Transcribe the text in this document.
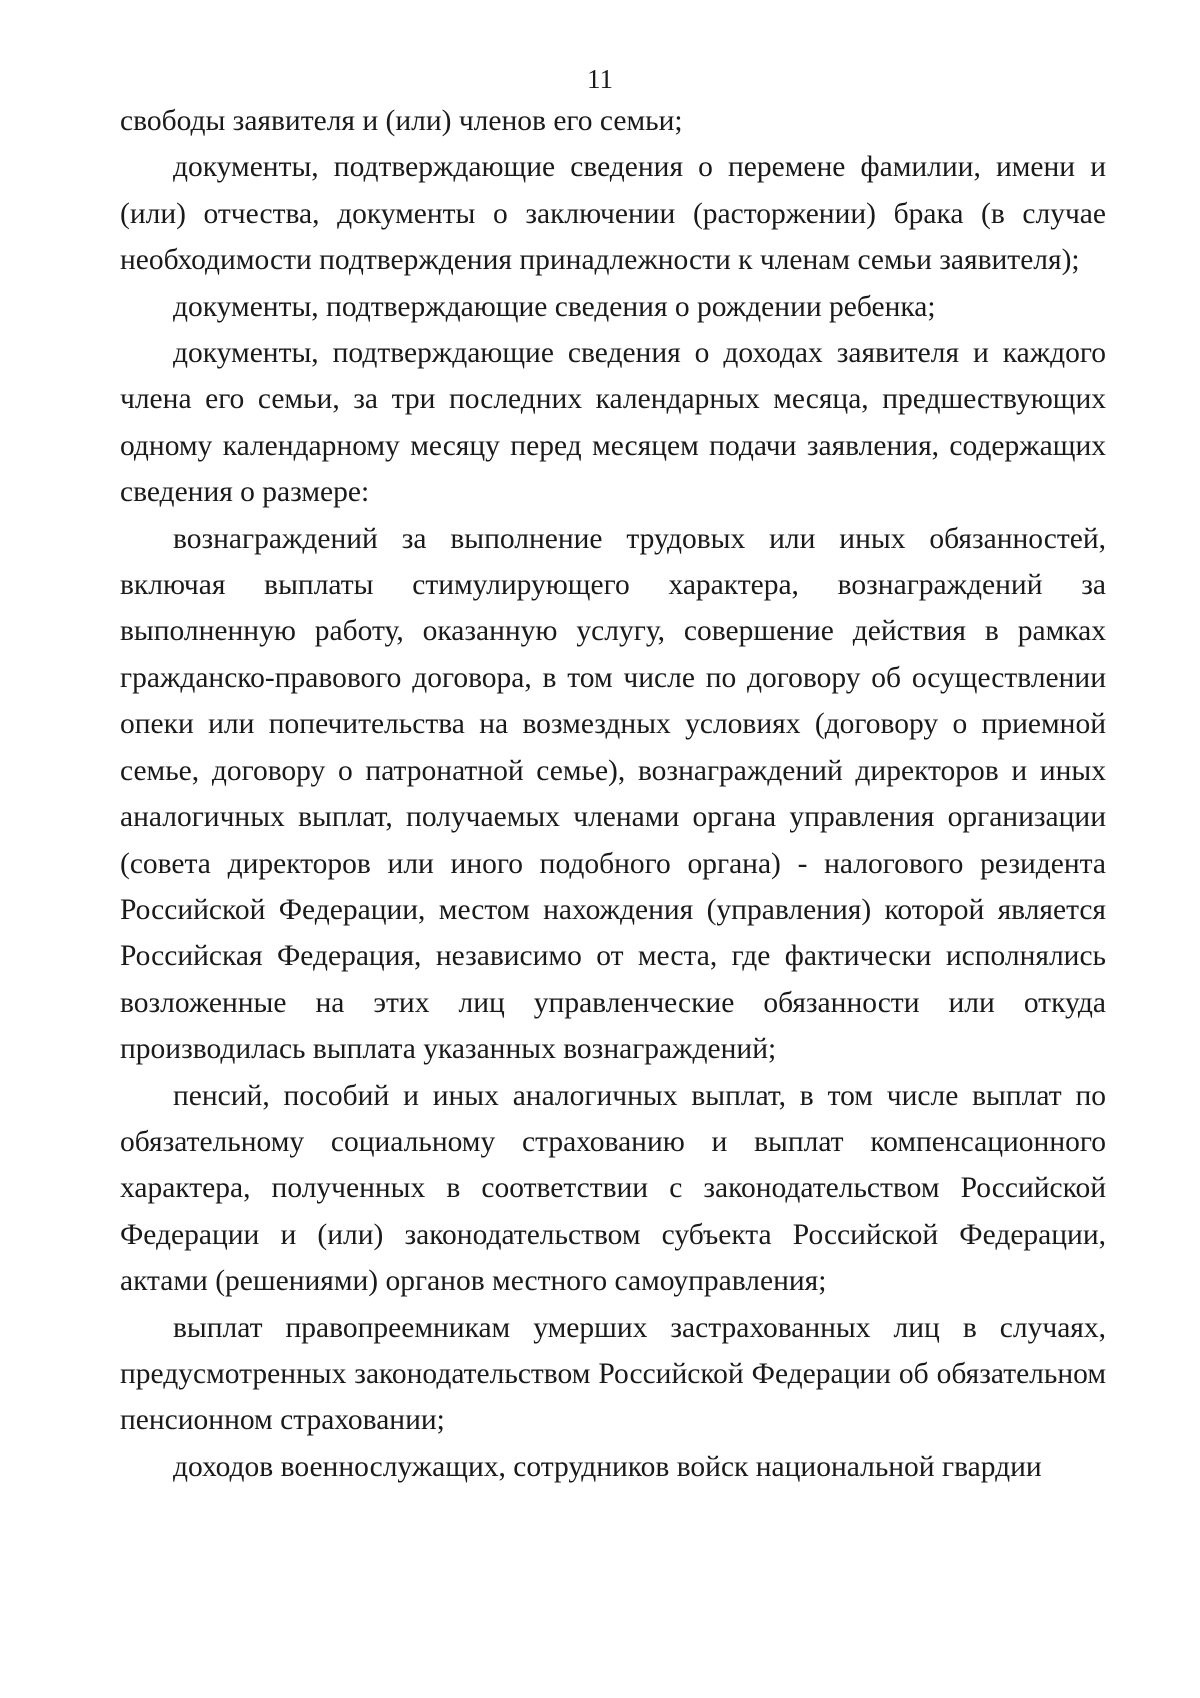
11

свободы заявителя и (или) членов его семьи;

документы, подтверждающие сведения о перемене фамилии, имени и (или) отчества, документы о заключении (расторжении) брака (в случае необходимости подтверждения принадлежности к членам семьи заявителя);

документы, подтверждающие сведения о рождении ребенка;

документы, подтверждающие сведения о доходах заявителя и каждого члена его семьи, за три последних календарных месяца, предшествующих одному календарному месяцу перед месяцем подачи заявления, содержащих сведения о размере:

вознаграждений за выполнение трудовых или иных обязанностей, включая выплаты стимулирующего характера, вознаграждений за выполненную работу, оказанную услугу, совершение действия в рамках гражданско-правового договора, в том числе по договору об осуществлении опеки или попечительства на возмездных условиях (договору о приемной семье, договору о патронатной семье), вознаграждений директоров и иных аналогичных выплат, получаемых членами органа управления организации (совета директоров или иного подобного органа) - налогового резидента Российской Федерации, местом нахождения (управления) которой является Российская Федерация, независимо от места, где фактически исполнялись возложенные на этих лиц управленческие обязанности или откуда производилась выплата указанных вознаграждений;

пенсий, пособий и иных аналогичных выплат, в том числе выплат по обязательному социальному страхованию и выплат компенсационного характера, полученных в соответствии с законодательством Российской Федерации и (или) законодательством субъекта Российской Федерации, актами (решениями) органов местного самоуправления;

выплат правопреемникам умерших застрахованных лиц в случаях, предусмотренных законодательством Российской Федерации об обязательном пенсионном страховании;

доходов военнослужащих, сотрудников войск национальной гвардии
